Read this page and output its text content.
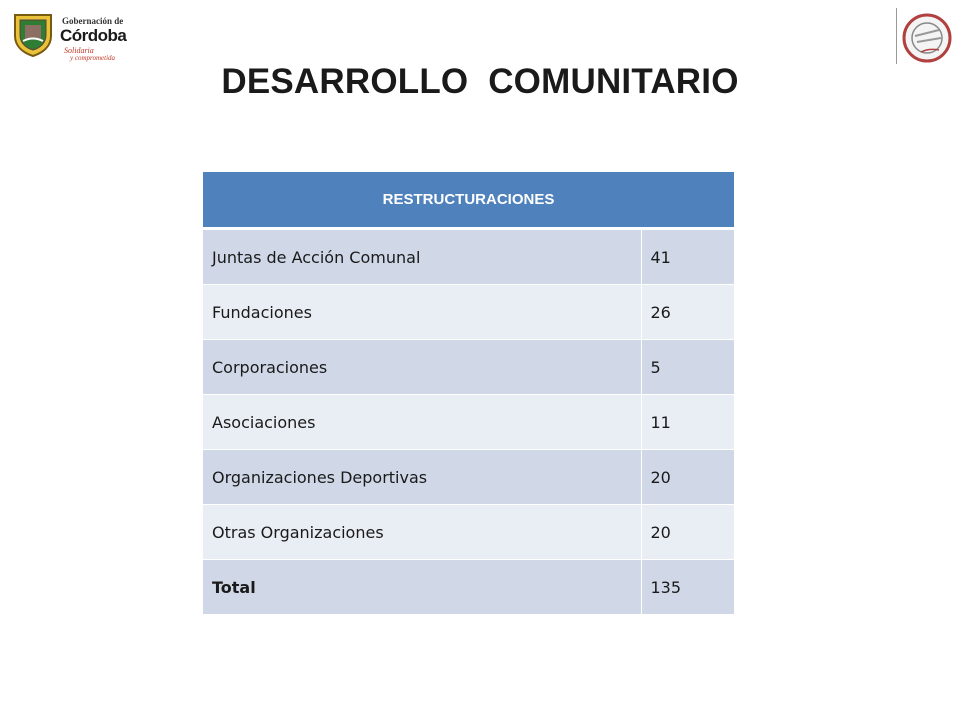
Gobernación de
Córdoba
Solidaria
y comprometida
DESARROLLO  COMUNITARIO
RESTRUCTURACIONES	
Juntas de Acción Comunal	41
Fundaciones	26
Corporaciones	5
Asociaciones	11
Organizaciones Deportivas	20
Otras Organizaciones	20
Total	135
